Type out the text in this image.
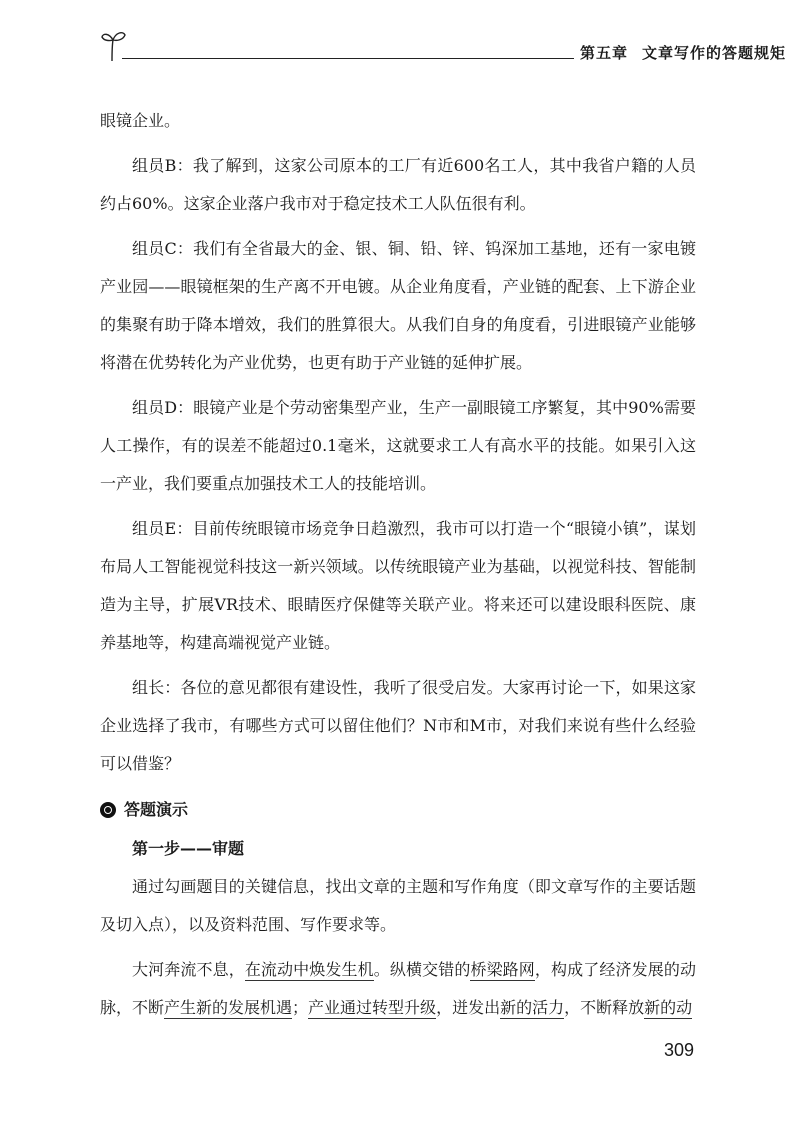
第五章 文章写作的答题规矩

眼镜企业。

组员B：我了解到，这家公司原本的工厂有近600名工人，其中我省户籍的人员约占60%。这家企业落户我市对于稳定技术工人队伍很有利。

组员C：我们有全省最大的金、银、铜、铅、锌、钨深加工基地，还有一家电镀产业园——眼镜框架的生产离不开电镀。从企业角度看，产业链的配套、上下游企业的集聚有助于降本增效，我们的胜算很大。从我们自身的角度看，引进眼镜产业能够将潜在优势转化为产业优势，也更有助于产业链的延伸扩展。

组员D：眼镜产业是个劳动密集型产业，生产一副眼镜工序繁复，其中90%需要人工操作，有的误差不能超过0.1毫米，这就要求工人有高水平的技能。如果引入这一产业，我们要重点加强技术工人的技能培训。

组员E：目前传统眼镜市场竞争日趋激烈，我市可以打造一个“眼镜小镇”，谋划布局人工智能视觉科技这一新兴领域。以传统眼镜产业为基础，以视觉科技、智能制造为主导，扩展VR技术、眼睛医疗保健等关联产业。将来还可以建设眼科医院、康养基地等，构建高端视觉产业链。

组长：各位的意见都很有建设性，我听了很受启发。大家再讨论一下，如果这家企业选择了我市，有哪些方式可以留住他们？N市和M市，对我们来说有些什么经验可以借鉴？

答题演示
第一步——审题

通过勾画题目的关键信息，找出文章的主题和写作角度（即文章写作的主要话题及切入点），以及资料范围、写作要求等。

大河奔流不息，在流动中焕发生机。纵横交错的桥梁路网，构成了经济发展的动脉，不断产生新的发展机遇；产业通过转型升级，迸发出新的活力，不断释放新的动

309
